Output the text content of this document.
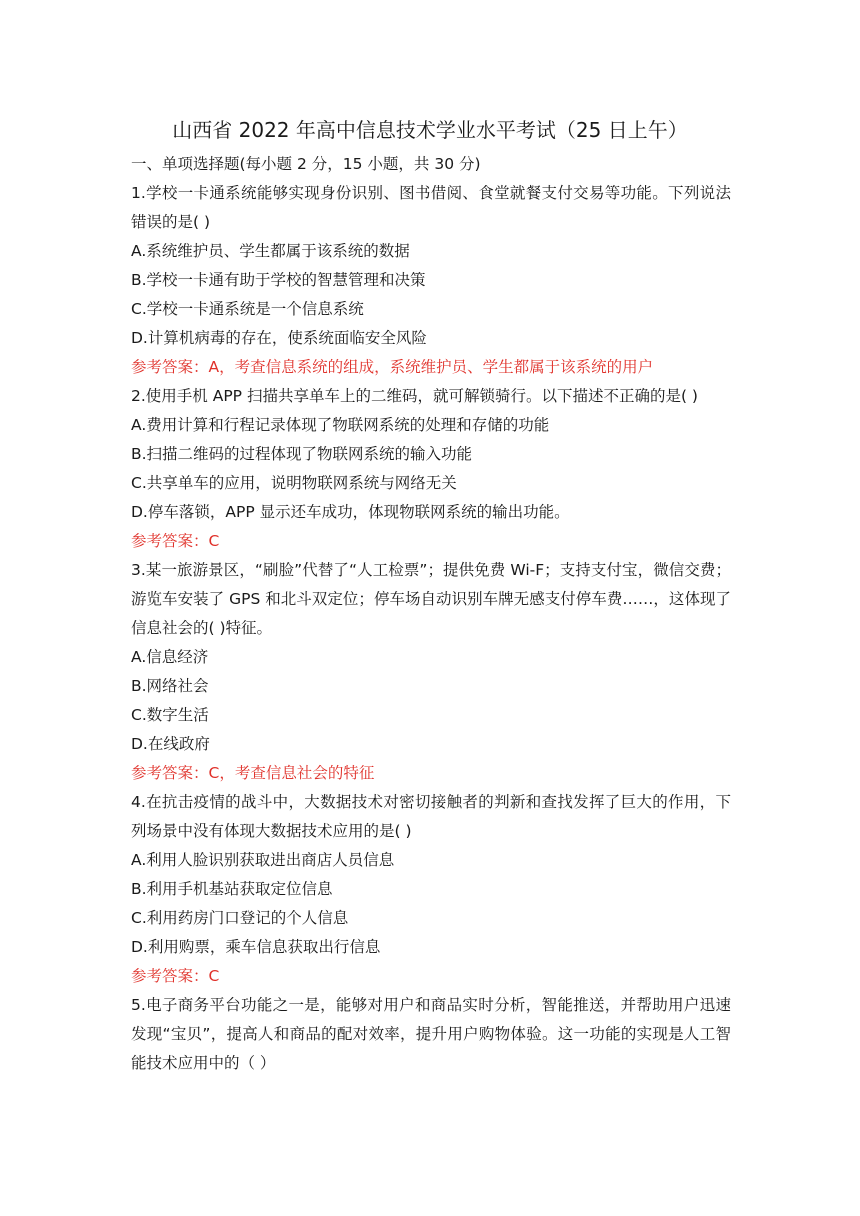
山西省 2022 年高中信息技术学业水平考试（25 日上午）
一、单项选择题(每小题 2 分，15 小题，共 30 分)
1.学校一卡通系统能够实现身份识别、图书借阅、食堂就餐支付交易等功能。下列说法错误的是( )
A.系统维护员、学生都属于该系统的数据
B.学校一卡通有助于学校的智慧管理和决策
C.学校一卡通系统是一个信息系统
D.计算机病毒的存在，使系统面临安全风险
参考答案：A，考查信息系统的组成，系统维护员、学生都属于该系统的用户
2.使用手机 APP 扫描共享单车上的二维码，就可解锁骑行。以下描述不正确的是( )
A.费用计算和行程记录体现了物联网系统的处理和存储的功能
B.扫描二维码的过程体现了物联网系统的输入功能
C.共享单车的应用，说明物联网系统与网络无关
D.停车落锁，APP 显示还车成功，体现物联网系统的输出功能。
参考答案：C
3.某一旅游景区，“刷脸”代替了“人工检票”；提供免费 Wi-F；支持支付宝，微信交费；游览车安装了 GPS 和北斗双定位；停车场自动识别车牌无感支付停车费……，这体现了信息社会的( )特征。
A.信息经济
B.网络社会
C.数字生活
D.在线政府
参考答案：C，考查信息社会的特征
4.在抗击疫情的战斗中，大数据技术对密切接触者的判新和查找发挥了巨大的作用，下列场景中没有体现大数据技术应用的是( )
A.利用人脸识别获取进出商店人员信息
B.利用手机基站获取定位信息
C.利用药房门口登记的个人信息
D.利用购票，乘车信息获取出行信息
参考答案：C
5.电子商务平台功能之一是，能够对用户和商品实时分析，智能推送，并帮助用户迅速发现“宝贝”，提高人和商品的配对效率，提升用户购物体验。这一功能的实现是人工智能技术应用中的（ ）
